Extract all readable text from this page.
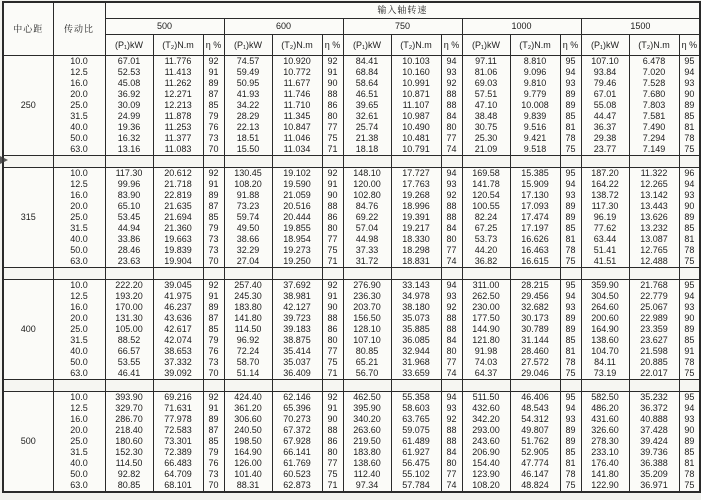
中心距	传动比	输入轴转速														
		500			600			750			1000			1500		
		(P₁)kW	(T₂)N.m	η %	(P₁)kW	(T₂)N.m	η %	(P₁)kW	(T₂)N.m	η %	(P₁)kW	(T₂)N.m	η %	(P₁)kW	(T₂)N.m	η %
250	10.0	67.01	11.776	92	74.57	10.920	92	84.41	10.103	94	97.11	8.810	95	107.10	6.478	95
	12.5	52.53	11.413	91	59.49	10.772	91	68.84	10.160	93	81.06	9.096	94	93.84	7.020	94
	16.0	45.08	11.262	89	50.95	11.677	90	58.64	10.991	92	69.03	9.810	93	79.46	7.528	93
	20.0	36.92	12.271	87	41.93	11.746	88	46.51	10.871	88	57.51	9.779	89	67.01	7.680	90
	25.0	30.09	12.213	85	34.22	11.710	86	39.65	11.107	88	47.10	10.008	89	55.08	7.803	89
	31.5	24.99	11.878	79	28.29	11.345	80	32.61	10.987	84	38.48	9.839	85	44.47	7.581	85
	40.0	19.36	11.253	76	22.13	10.847	77	25.74	10.490	80	30.75	9.516	81	36.37	7.490	81
	50.0	16.32	11.377	73	18.51	11.046	75	21.38	10.481	77	25.30	9.421	78	29.38	7.294	78
	63.0	13.16	11.083	70	15.50	11.034	71	18.18	10.791	74	21.09	9.518	75	23.77	7.149	75

315	10.0	117.30	20.612	92	130.45	19.102	92	148.10	17.727	94	169.58	15.385	95	187.20	11.322	96
	12.5	99.96	21.718	91	108.20	19.590	91	120.00	17.763	93	141.78	15.909	94	164.22	12.265	94
	16.0	83.90	22.819	89	91.88	21.059	90	102.80	19.268	92	120.54	17.130	93	138.72	13.142	93
	20.0	65.10	21.635	87	73.23	20.516	88	84.76	18.996	88	100.55	17.093	89	117.30	13.443	90
	25.0	53.45	21.694	85	59.74	20.444	86	69.22	19.391	88	82.24	17.474	89	96.19	13.626	89
	31.5	44.94	21.360	79	49.50	19.855	80	57.04	19.217	84	67.25	17.197	85	77.62	13.232	85
	40.0	33.86	19.663	73	38.66	18.954	77	44.98	18.330	80	53.73	16.626	81	63.44	13.087	81
	50.0	28.46	19.839	73	32.29	19.273	75	37.33	18.298	77	44.20	16.463	78	51.41	12.765	78
	63.0	23.63	19.904	70	27.04	19.250	71	31.72	18.831	74	36.82	16.615	75	41.51	12.488	75

400	10.0	222.20	39.045	92	257.40	37.692	92	276.90	33.143	94	311.00	28.215	95	359.90	21.768	95
	12.5	193.20	41.975	91	245.30	38.981	91	236.30	34.978	93	262.50	29.456	94	304.50	22.779	94
	16.0	170.00	46.237	89	183.80	42.127	90	203.70	38.180	92	230.00	32.682	93	264.60	25.067	93
	20.0	131.30	43.636	87	141.80	39.723	88	156.50	35.073	88	177.50	30.173	89	200.60	22.989	90
	25.0	105.00	42.617	85	114.50	39.183	86	128.10	35.885	88	144.90	30.789	89	164.90	23.359	89
	31.5	88.52	42.074	79	96.92	38.875	80	107.10	36.085	84	121.80	31.144	85	138.60	23.627	85
	40.0	66.57	38.653	76	72.24	35.414	77	80.85	32.944	80	91.98	28.460	81	104.70	21.598	91
	50.0	53.55	37.332	73	58.70	35.037	75	65.21	31.968	77	74.03	27.572	78	84.11	20.885	78
	63.0	46.41	39.092	70	51.14	36.409	71	56.70	33.659	74	64.37	29.046	75	73.19	22.017	75

500	10.0	393.90	69.216	92	424.40	62.146	92	462.50	55.358	94	511.50	46.406	95	582.50	35.232	95
	12.5	329.70	71.631	91	361.20	65.396	91	395.90	58.603	93	432.60	48.543	94	486.20	36.372	94
	16.0	286.70	77.978	89	306.60	70.273	90	340.20	63.765	92	342.20	54.312	93	431.60	40.888	93
	20.0	218.40	72.583	87	240.50	67.372	88	263.60	59.075	88	293.00	49.807	89	326.60	37.428	90
	25.0	180.60	73.301	85	198.50	67.928	86	219.50	61.489	88	243.60	51.762	89	278.30	39.424	89
	31.5	152.30	72.389	79	164.90	66.141	80	183.80	61.927	84	206.90	52.905	85	233.10	39.736	85
	40.0	114.50	66.483	76	126.00	61.769	77	138.60	56.475	80	154.40	47.774	81	176.40	36.388	81
	50.0	92.82	64.709	73	101.40	60.523	75	112.40	55.102	77	123.90	46.147	78	141.80	35.209	78
	63.0	80.85	68.101	70	88.31	62.873	71	97.34	57.784	74	108.20	48.824	75	122.90	36.971	75
